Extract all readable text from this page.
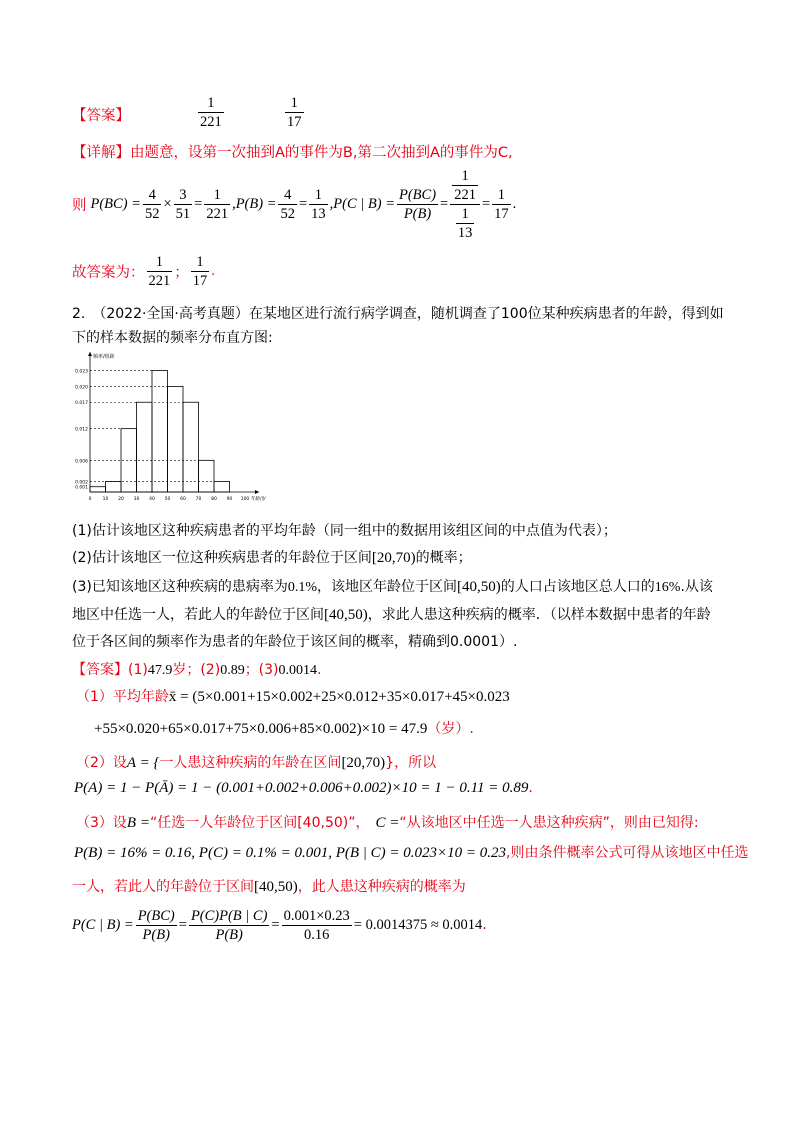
【答案】	$\frac{1}{221}$	$\frac{1}{17}$
【详解】由题意，设第一次抽到A的事件为B,第二次抽到A的事件为C,
则 $P(BC) = \frac{4}{52} \times \frac{3}{51} = \frac{1}{221} ,P(B) = \frac{4}{52} = \frac{1}{13} ,P(C$ | $B) = \frac{P(BC)}{P(B)} = \frac{\frac{1}{221}}{\frac{1}{13}} = \frac{1}{17}$ .
故答案为： $\frac{1}{221}$ ； $\frac{1}{17}$ .
2.　（2022·全国·高考真题）在某地区进行流行病学调查，随机调查了100位某种疾病患者的年龄，得到如
下的样本数据的频率分布直方图:
0.001
0.002
0.006
0.012
0.017
0.020
0.023
频率/组距
0 10 20 30 40 50 60 70 80 90 100 年龄/岁
(1)估计该地区这种疾病患者的平均年龄（同一组中的数据用该组区间的中点值为代表）；
(2)估计该地区一位这种疾病患者的年龄位于区间[20,70)的概率；
(3)已知该地区这种疾病的患病率为0.1%，该地区年龄位于区间[40,50)的人口占该地区总人口的16%.从该
地区中任选一人，若此人的年龄位于区间[40,50)，求此人患这种疾病的概率．（以样本数据中患者的年龄
位于各区间的频率作为患者的年龄位于该区间的概率，精确到0.0001）.
【答案】(1)47.9岁；(2)0.89；(3)0.0014.
（1）平均年龄x̄ = (5×0.001+15×0.002+25×0.012+35×0.017+45×0.023
+55×0.020+65×0.017+75×0.006+85×0.002)×10 = 47.9（岁）.
（2）设A = {一人患这种疾病的年龄在区间[20,70)}，所以
P(A) = 1 − P(Ā) = 1 − (0.001+0.002+0.006+0.002)×10 = 1 − 0.11 = 0.89.
（3）设B =“任选一人年龄位于区间[40,50)”， C =“从该地区中任选一人患这种疾病”，则由已知得:
P(B) = 16% = 0.16, P(C) = 0.1% = 0.001, P(B | C) = 0.023×10 = 0.23,则由条件概率公式可得从该地区中任选
一人，若此人的年龄位于区间[40,50)，此人患这种疾病的概率为
P(C | $B) = \frac{P(BC)}{P(B)} = \frac{P(C)P(B | C)}{P(B)} = \frac{0.001\times 0.23}{0.16} = 0.0014375 \approx 0.0014$ .
